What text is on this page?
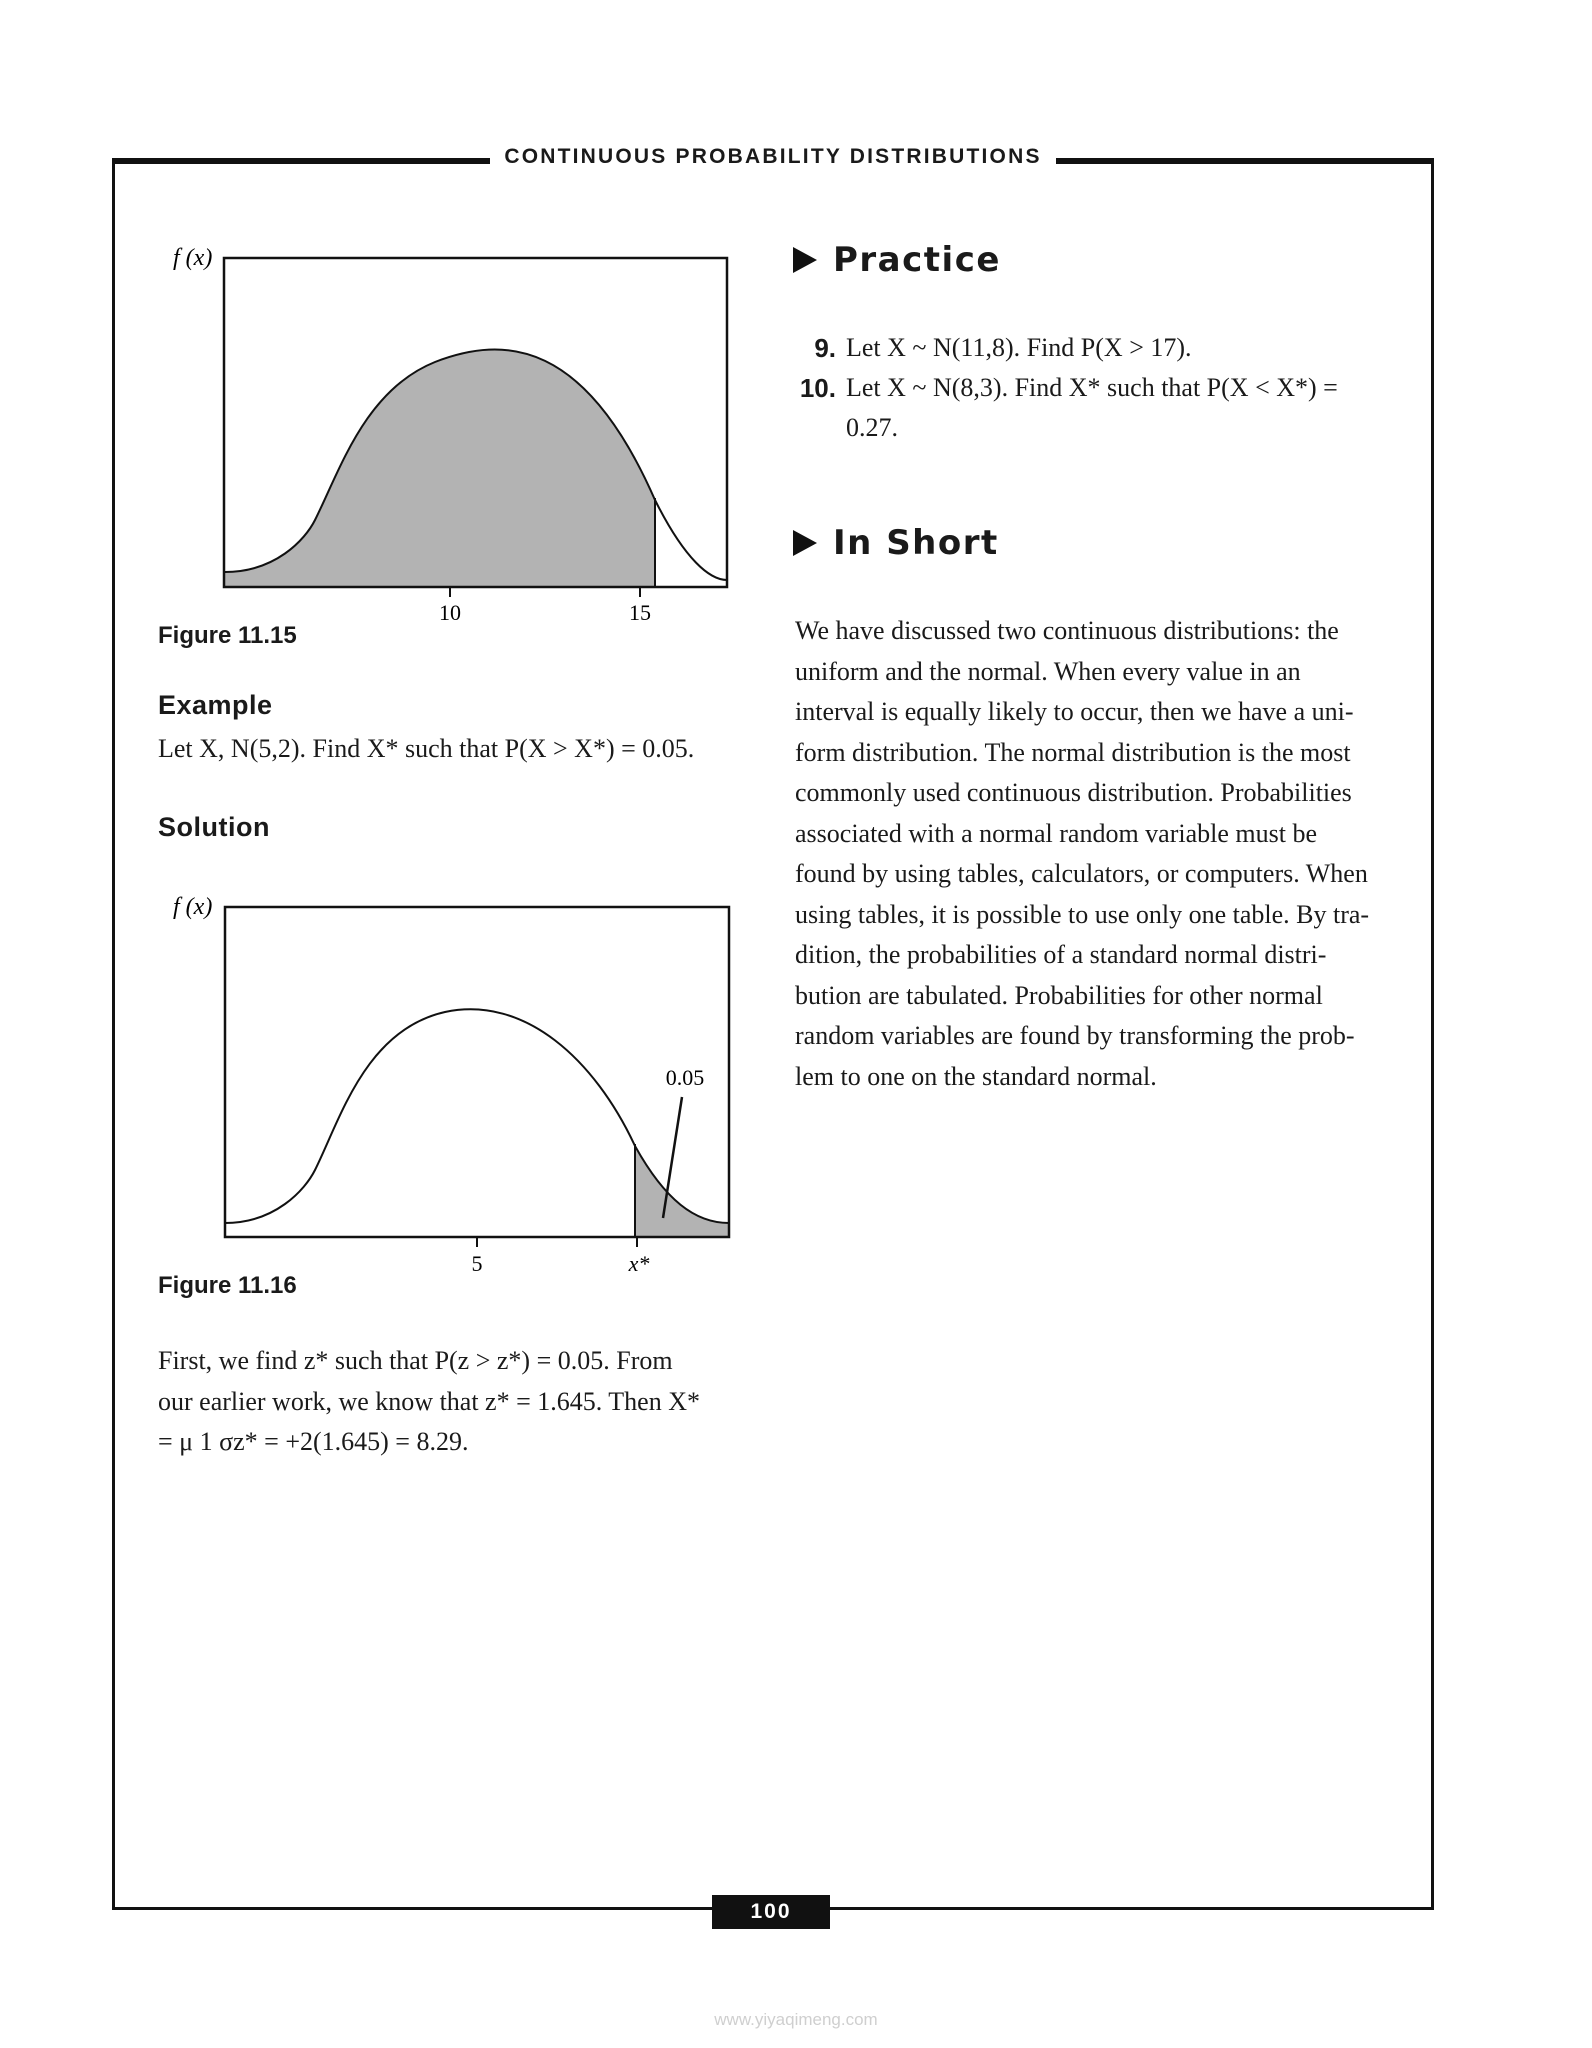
CONTINUOUS PROBABILITY DISTRIBUTIONS
f (x)
10	15
Figure 11.15
Example
Let X, N(5,2). Find X* such that P(X > X*) = 0.05.
Solution
f (x)
0.05
5	x*
Figure 11.16
First, we find z* such that P(z > z*) = 0.05. From
our earlier work, we know that z* = 1.645. Then X*
= μ 1 σz* = +2(1.645) = 8.29.
Practice
9. Let X ~ N(11,8). Find P(X > 17).
10. Let X ~ N(8,3). Find X* such that P(X < X*) =
0.27.
In Short
We have discussed two continuous distributions: the
uniform and the normal. When every value in an
interval is equally likely to occur, then we have a uni-
form distribution. The normal distribution is the most
commonly used continuous distribution. Probabilities
associated with a normal random variable must be
found by using tables, calculators, or computers. When
using tables, it is possible to use only one table. By tra-
dition, the probabilities of a standard normal distri-
bution are tabulated. Probabilities for other normal
random variables are found by transforming the prob-
lem to one on the standard normal.
100
www.yiyaqimeng.com
